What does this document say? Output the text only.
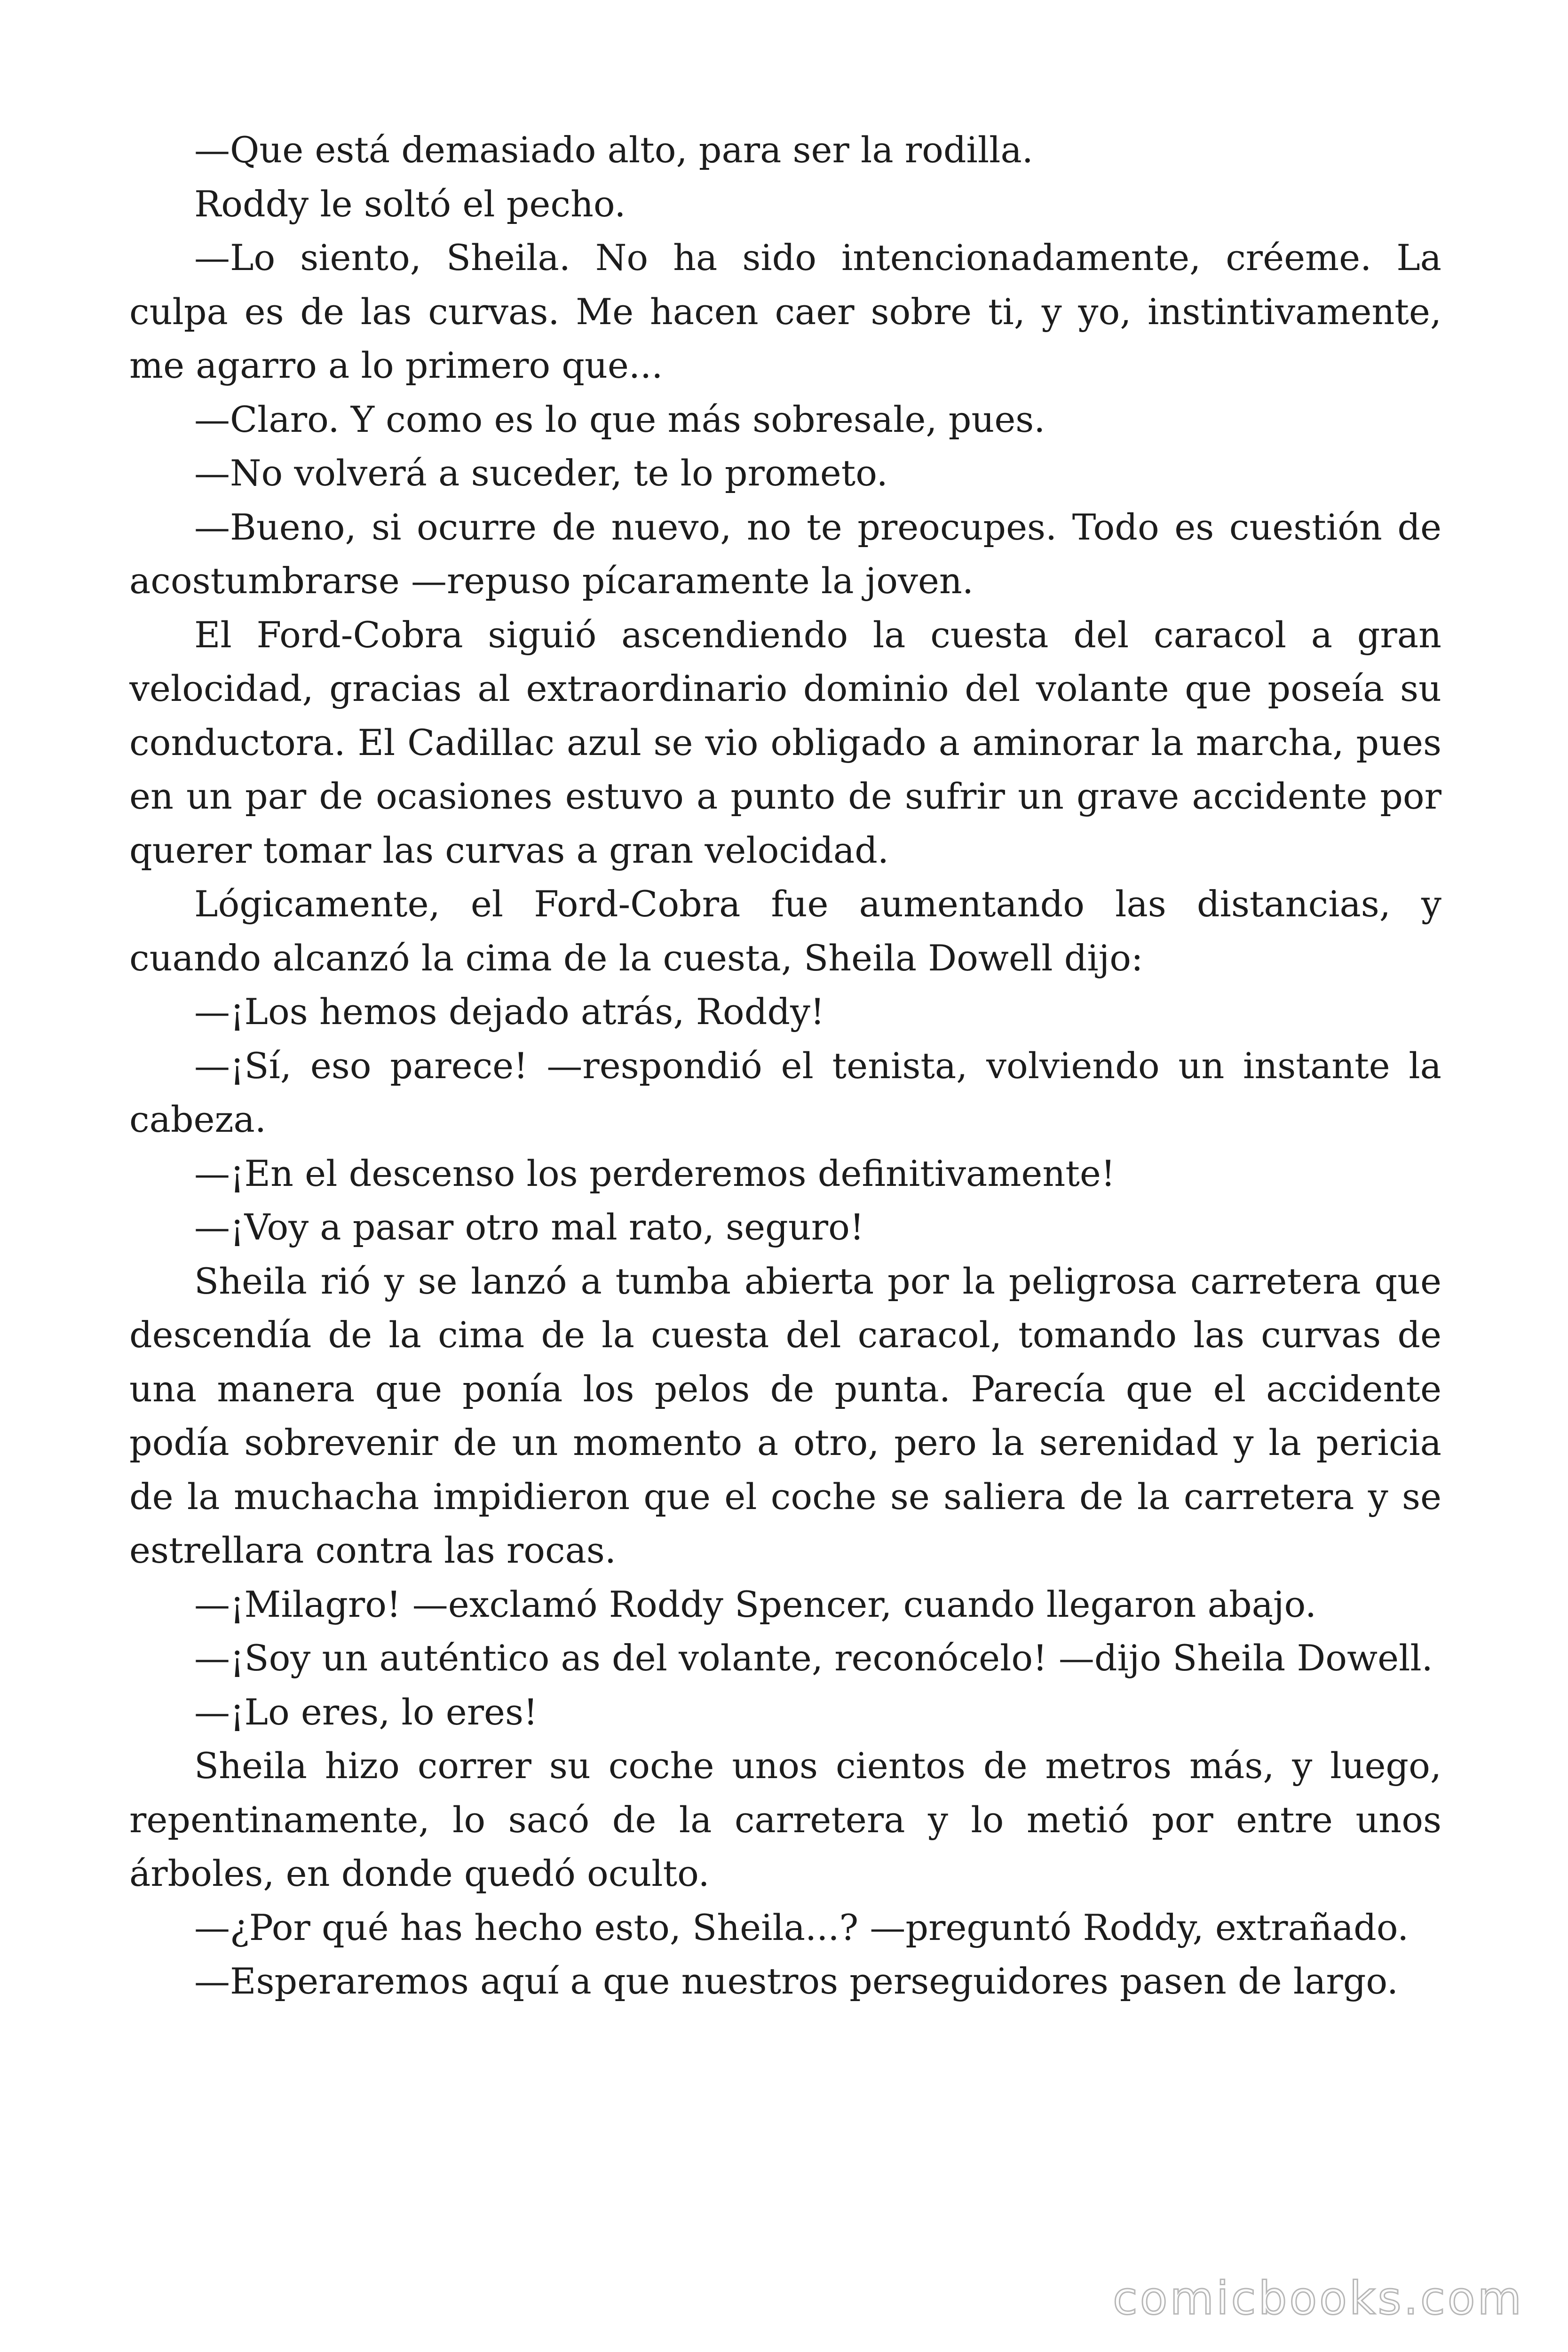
—Que está demasiado alto, para ser la rodilla.

Roddy le soltó el pecho.

—Lo siento, Sheila. No ha sido intencionadamente, créeme. La culpa es de las curvas. Me hacen caer sobre ti, y yo, instintivamente, me agarro a lo primero que...

—Claro. Y como es lo que más sobresale, pues.

—No volverá a suceder, te lo prometo.

—Bueno, si ocurre de nuevo, no te preocupes. Todo es cuestión de acostumbrarse —repuso pícaramente la joven.

El Ford-Cobra siguió ascendiendo la cuesta del caracol a gran velocidad, gracias al extraordinario dominio del volante que poseía su conductora. El Cadillac azul se vio obligado a aminorar la marcha, pues en un par de ocasiones estuvo a punto de sufrir un grave accidente por querer tomar las curvas a gran velocidad.

Lógicamente, el Ford-Cobra fue aumentando las distancias, y cuando alcanzó la cima de la cuesta, Sheila Dowell dijo:

—¡Los hemos dejado atrás, Roddy!

—¡Sí, eso parece! —respondió el tenista, volviendo un instante la cabeza.

—¡En el descenso los perderemos definitivamente!

—¡Voy a pasar otro mal rato, seguro!

Sheila rió y se lanzó a tumba abierta por la peligrosa carretera que descendía de la cima de la cuesta del caracol, tomando las curvas de una manera que ponía los pelos de punta. Parecía que el accidente podía sobrevenir de un momento a otro, pero la serenidad y la pericia de la muchacha impidieron que el coche se saliera de la carretera y se estrellara contra las rocas.

—¡Milagro! —exclamó Roddy Spencer, cuando llegaron abajo.

—¡Soy un auténtico as del volante, reconócelo! —dijo Sheila Dowell.

—¡Lo eres, lo eres!

Sheila hizo correr su coche unos cientos de metros más, y luego, repentinamente, lo sacó de la carretera y lo metió por entre unos árboles, en donde quedó oculto.

—¿Por qué has hecho esto, Sheila...? —preguntó Roddy, extrañado.

—Esperaremos aquí a que nuestros perseguidores pasen de largo.

comicbooks.com
